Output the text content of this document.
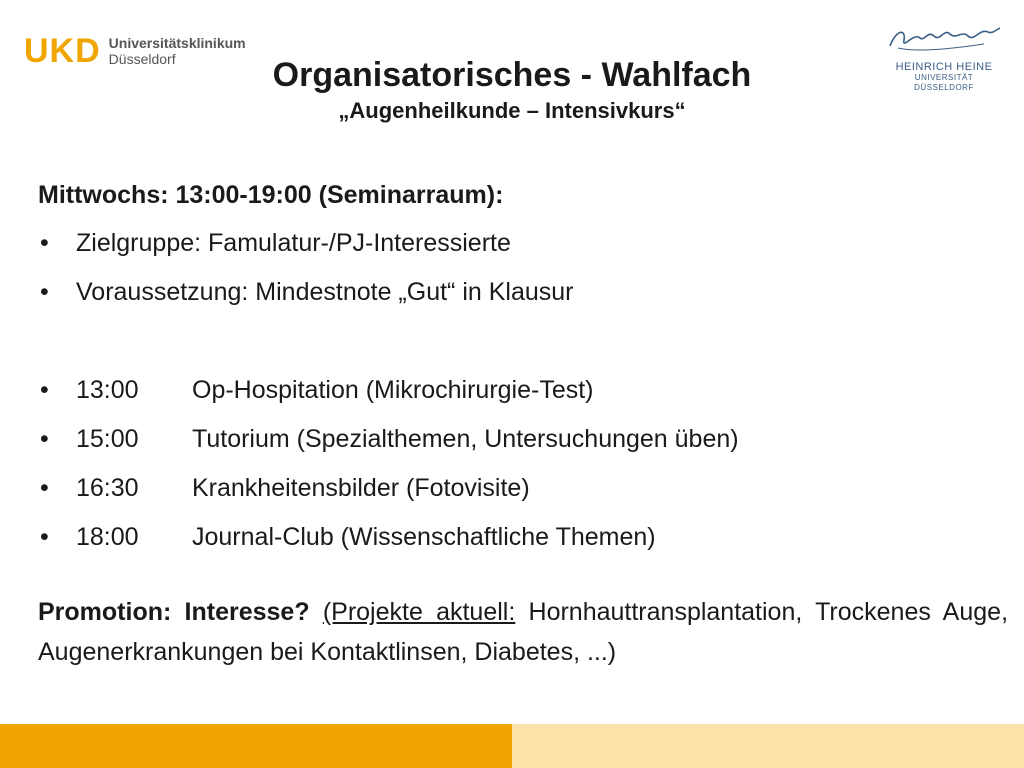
UKD Universitätsklinikum
Düsseldorf	HEINRICH HEINE
UNIVERSITÄT DÜSSELDORF
Organisatorisches - Wahlfach
„Augenheilkunde – Intensivkurs“
Mittwochs: 13:00-19:00 (Seminarraum):
• Zielgruppe: Famulatur-/PJ-Interessierte
• Voraussetzung: Mindestnote „Gut“ in Klausur
• 13:00 Op-Hospitation (Mikrochirurgie-Test)
• 15:00 Tutorium (Spezialthemen, Untersuchungen üben)
• 16:30 Krankheitensbilder (Fotovisite)
• 18:00 Journal-Club (Wissenschaftliche Themen)
Promotion: Interesse? (Projekte aktuell: Hornhauttransplantation, Trockenes Auge, Augenerkrankungen bei Kontaktlinsen, Diabetes, ...)
